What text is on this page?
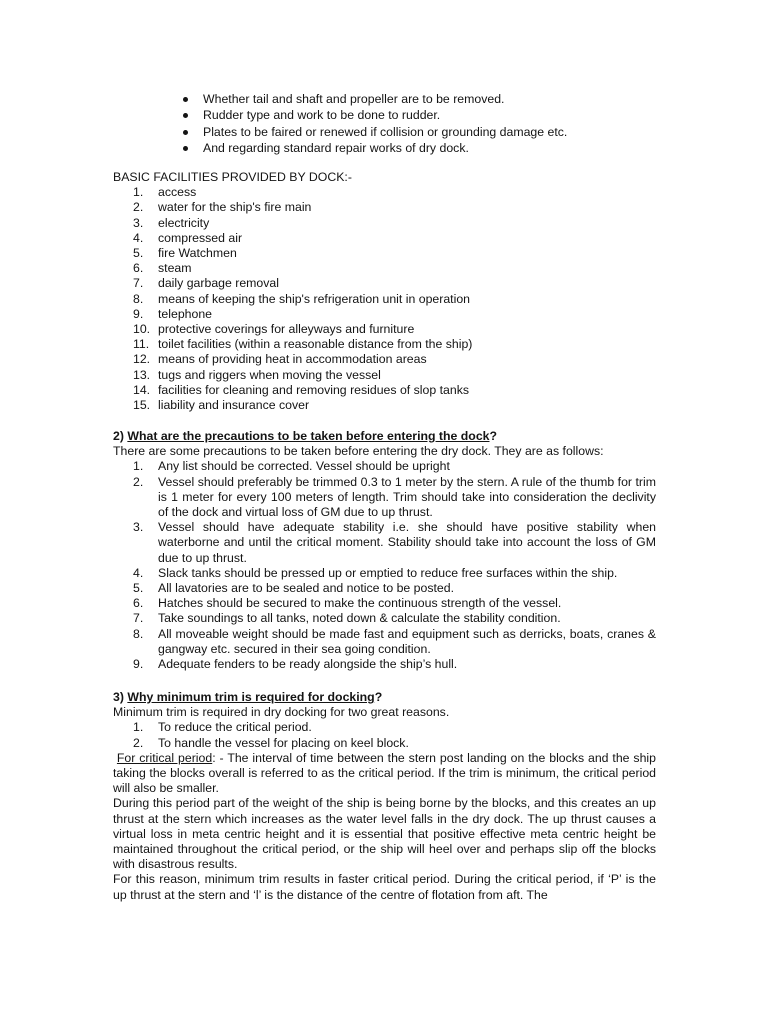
Whether tail and shaft and propeller are to be removed.
Rudder type and work to be done to rudder.
Plates to be faired or renewed if collision or grounding damage etc.
And regarding standard repair works of dry dock.
BASIC FACILITIES PROVIDED BY DOCK:-
1.	access
2.	water for the ship's fire main
3.	electricity
4.	compressed air
5.	fire Watchmen
6.	steam
7.	daily garbage removal
8.	means of keeping the ship's refrigeration unit in operation
9.	telephone
10. protective coverings for alleyways and furniture
11. toilet facilities (within a reasonable distance from the ship)
12. means of providing heat in accommodation areas
13. tugs and riggers when moving the vessel
14. facilities for cleaning and removing residues of slop tanks
15. liability and insurance cover
2) What are the precautions to be taken before entering the dock?
There are some precautions to be taken before entering the dry dock. They are as follows:
1.	Any list should be corrected. Vessel should be upright
2.	Vessel should preferably be trimmed 0.3 to 1 meter by the stern. A rule of the thumb for trim is 1 meter for every 100 meters of length. Trim should take into consideration the declivity of the dock and virtual loss of GM due to up thrust.
3.	Vessel should have adequate stability i.e. she should have positive stability when waterborne and until the critical moment. Stability should take into account the loss of GM due to up thrust.
4.	Slack tanks should be pressed up or emptied to reduce free surfaces within the ship.
5.	All lavatories are to be sealed and notice to be posted.
6.	Hatches should be secured to make the continuous strength of the vessel.
7.	Take soundings to all tanks, noted down & calculate the stability condition.
8.	All moveable weight should be made fast and equipment such as derricks, boats, cranes & gangway etc. secured in their sea going condition.
9.	Adequate fenders to be ready alongside the ship’s hull.
3) Why minimum trim is required for docking?
Minimum trim is required in dry docking for two great reasons.
1.	To reduce the critical period.
2.	To handle the vessel for placing on keel block.
For critical period: - The interval of time between the stern post landing on the blocks and the ship taking the blocks overall is referred to as the critical period. If the trim is minimum, the critical period will also be smaller.
During this period part of the weight of the ship is being borne by the blocks, and this creates an up thrust at the stern which increases as the water level falls in the dry dock. The up thrust causes a virtual loss in meta centric height and it is essential that positive effective meta centric height be maintained throughout the critical period, or the ship will heel over and perhaps slip off the blocks with disastrous results.
For this reason, minimum trim results in faster critical period. During the critical period, if ‘P’ is the up thrust at the stern and ‘l’ is the distance of the centre of flotation from aft. The
